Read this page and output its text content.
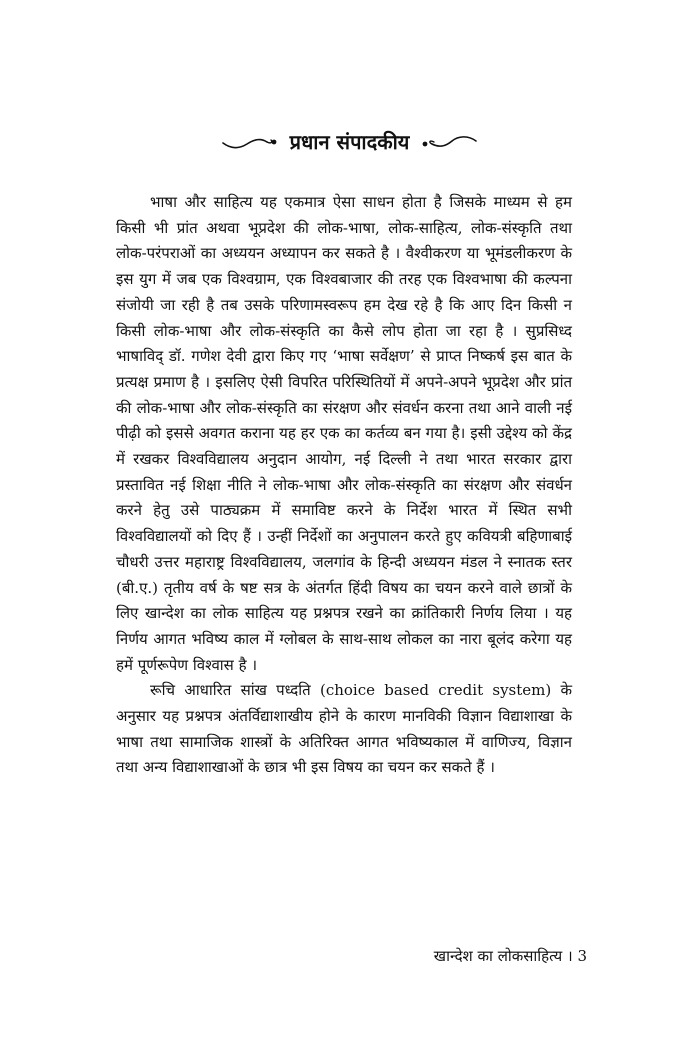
प्रधान संपादकीय

भाषा और साहित्य यह एकमात्र ऐसा साधन होता है जिसके माध्यम से हम किसी भी प्रांत अथवा भूप्रदेश की लोक-भाषा, लोक-साहित्य, लोक-संस्कृति तथा लोक-परंपराओं का अध्ययन अध्यापन कर सकते है । वैश्वीकरण या भूमंडलीकरण के इस युग में जब एक विश्वग्राम, एक विश्वबाजार की तरह एक विश्वभाषा की कल्पना संजोयी जा रही है तब उसके परिणामस्वरूप हम देख रहे है कि आए दिन किसी न किसी लोक-भाषा और लोक-संस्कृति का कैसे लोप होता जा रहा है । सुप्रसिध्द भाषाविद् डॉ. गणेश देवी द्वारा किए गए ‘भाषा सर्वेक्षण’ से प्राप्त निष्कर्ष इस बात के प्रत्यक्ष प्रमाण है । इसलिए ऐसी विपरित परिस्थितियों में अपने-अपने भूप्रदेश और प्रांत की लोक-भाषा और लोक-संस्कृति का संरक्षण और संवर्धन करना तथा आने वाली नई पीढ़ी को इससे अवगत कराना यह हर एक का कर्तव्य बन गया है। इसी उद्देश्य को केंद्र में रखकर विश्वविद्यालय अनुदान आयोग, नई दिल्ली ने तथा भारत सरकार द्वारा प्रस्तावित नई शिक्षा नीति ने लोक-भाषा और लोक-संस्कृति का संरक्षण और संवर्धन करने हेतु उसे पाठ्यक्रम में समाविष्ट करने के निर्देश भारत में स्थित सभी विश्वविद्यालयों को दिए हैं । उन्हीं निर्देशों का अनुपालन करते हुए कवियत्री बहिणाबाई चौधरी उत्तर महाराष्ट्र विश्वविद्यालय, जलगांव के हिन्दी अध्ययन मंडल ने स्नातक स्तर (बी.ए.) तृतीय वर्ष के षष्ट सत्र के अंतर्गत हिंदी विषय का चयन करने वाले छात्रों के लिए खान्देश का लोक साहित्य यह प्रश्नपत्र रखने का क्रांतिकारी निर्णय लिया । यह निर्णय आगत भविष्य काल में ग्लोबल के साथ-साथ लोकल का नारा बूलंद करेगा यह हमें पूर्णरूपेण विश्वास है ।

रूचि आधारित सांख पध्दति (choice based credit system) के अनुसार यह प्रश्नपत्र अंतर्विद्याशाखीय होने के कारण मानविकी विज्ञान विद्याशाखा के भाषा तथा सामाजिक शास्त्रों के अतिरिक्त आगत भविष्यकाल में वाणिज्य, विज्ञान तथा अन्य विद्याशाखाओं के छात्र भी इस विषय का चयन कर सकते हैं ।

खान्देश का लोकसाहित्य । 3
